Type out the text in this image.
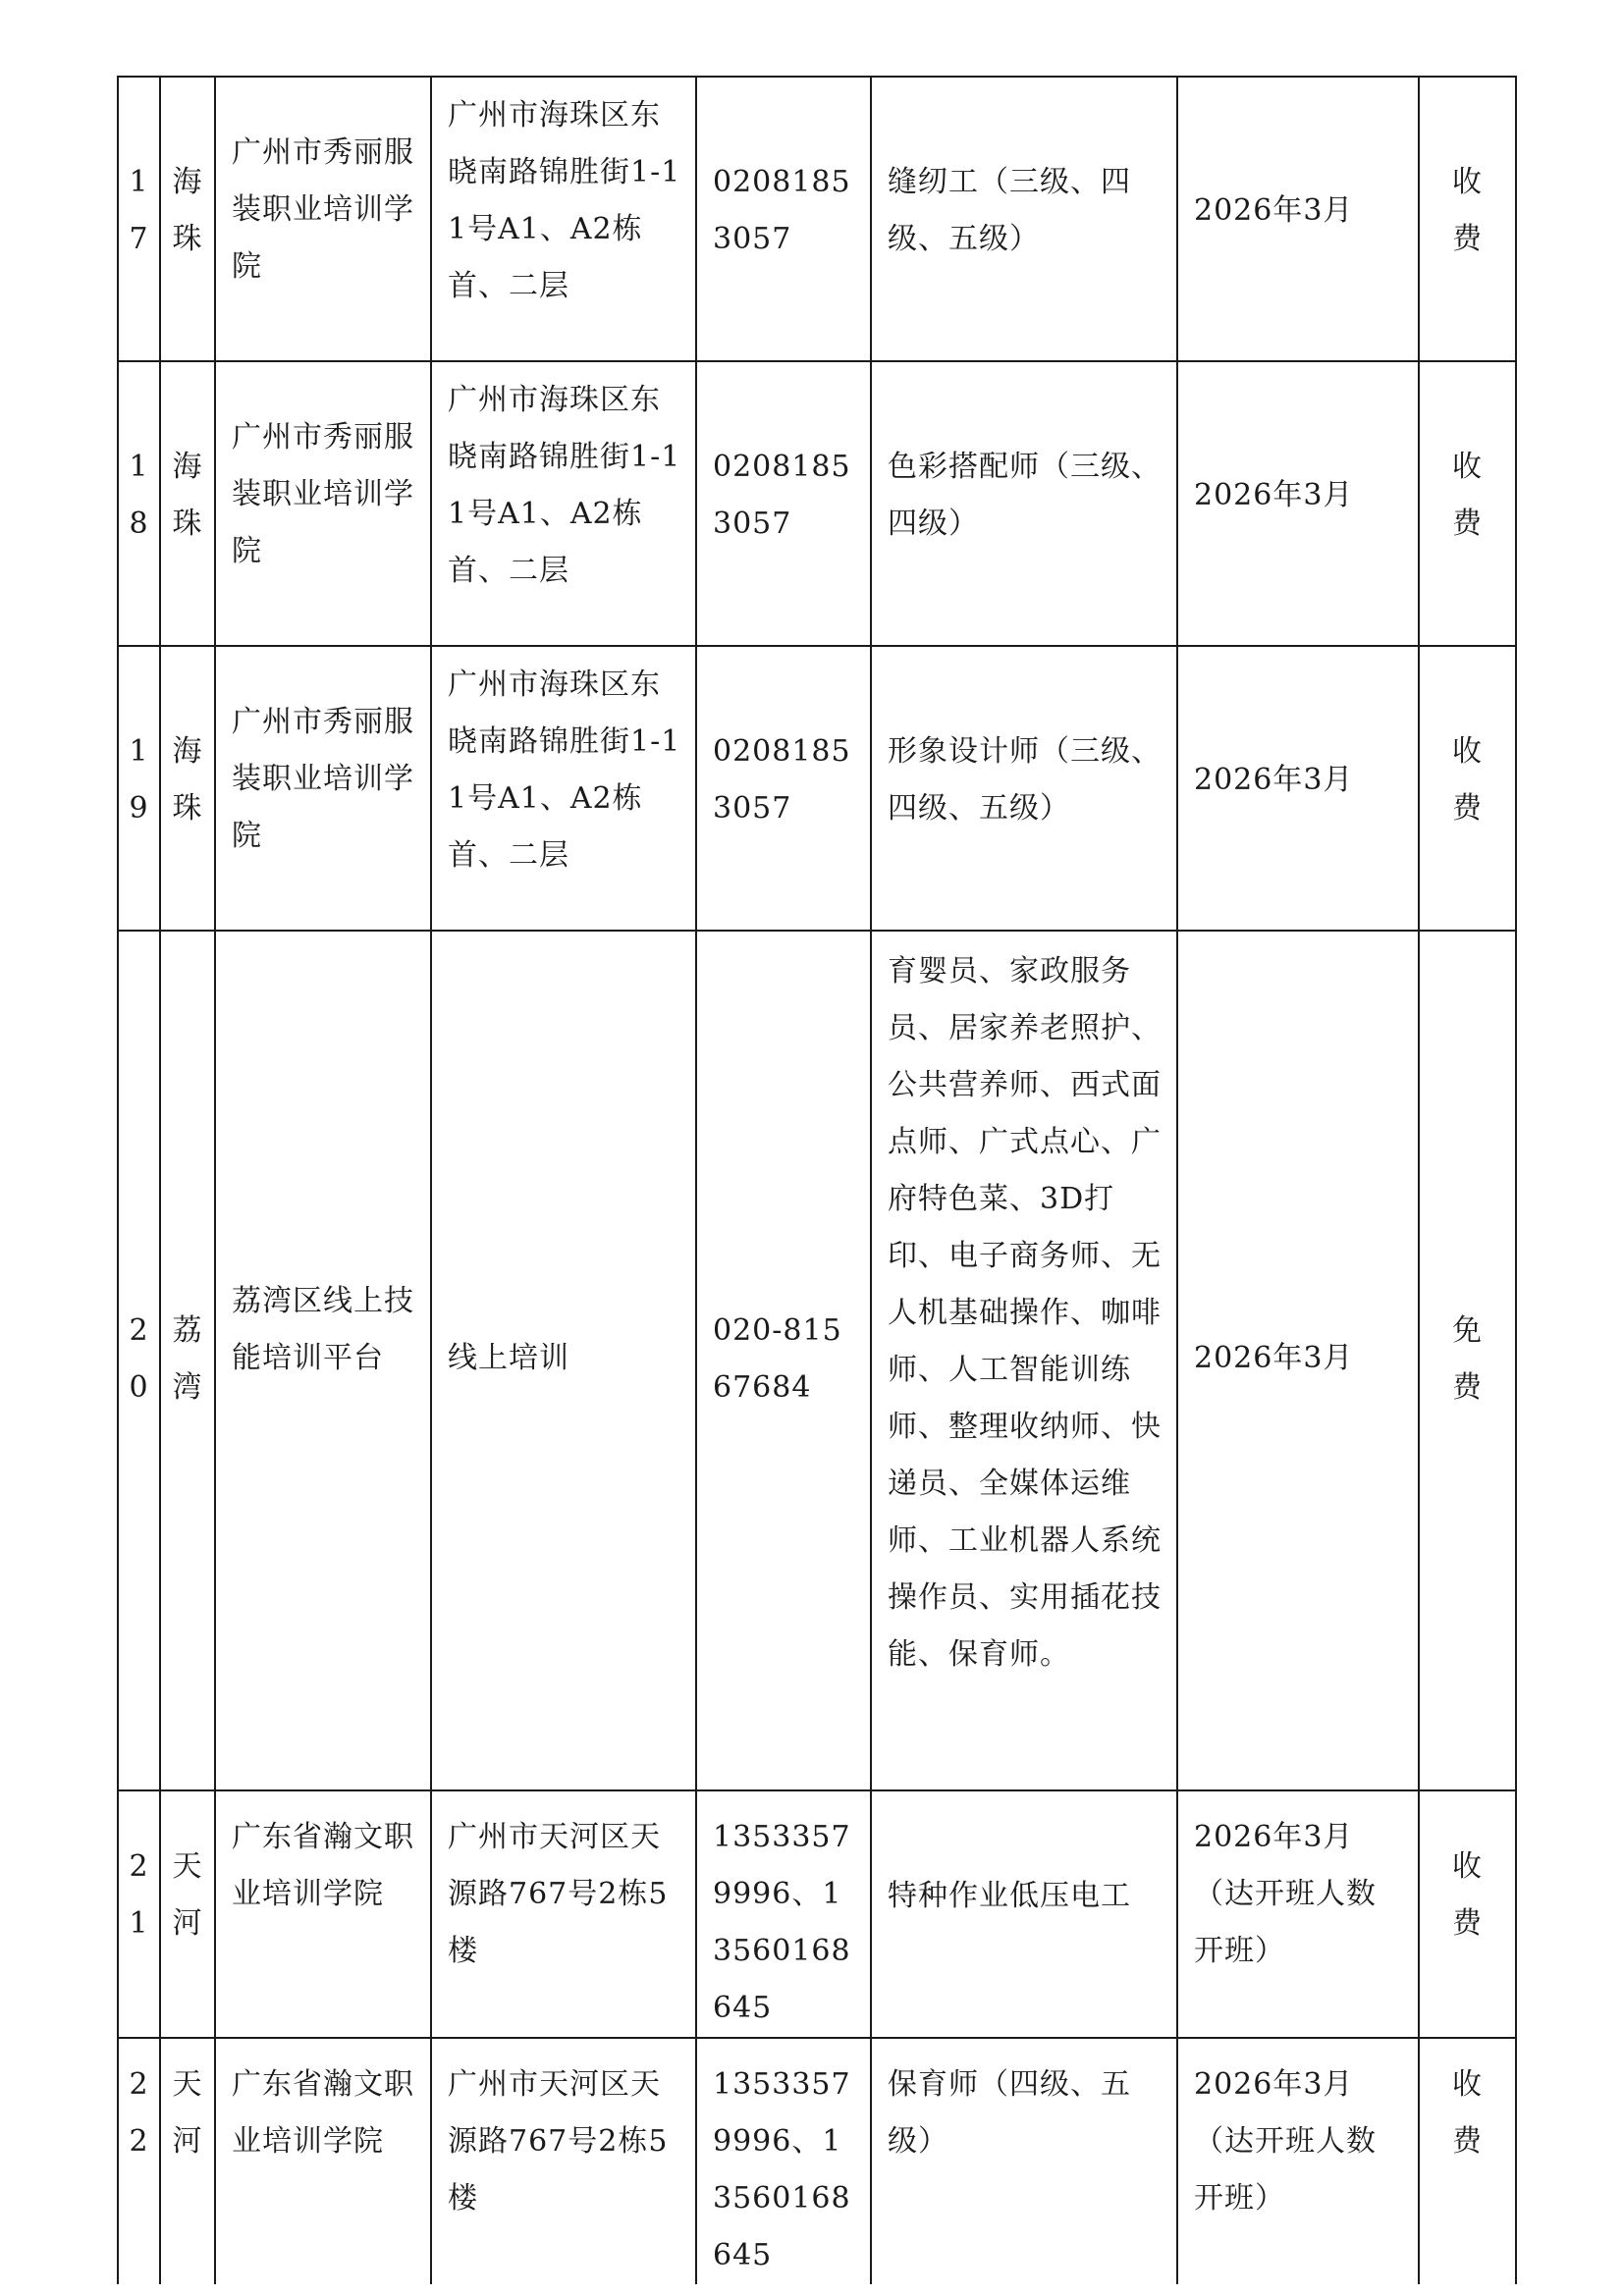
17	海珠	广州市秀丽服装职业培训学院	广州市海珠区东晓南路锦胜街1-11号A1、A2栋首、二层	02081853057	缝纫工（三级、四级、五级）	2026年3月	收费
18	海珠	广州市秀丽服装职业培训学院	广州市海珠区东晓南路锦胜街1-11号A1、A2栋首、二层	02081853057	色彩搭配师（三级、四级）	2026年3月	收费
19	海珠	广州市秀丽服装职业培训学院	广州市海珠区东晓南路锦胜街1-11号A1、A2栋首、二层	02081853057	形象设计师（三级、四级、五级）	2026年3月	收费
20	荔湾	荔湾区线上技能培训平台	线上培训	020-81567684	育婴员、家政服务员、居家养老照护、公共营养师、西式面点师、广式点心、广府特色菜、3D打印、电子商务师、无人机基础操作、咖啡师、人工智能训练师、整理收纳师、快递员、全媒体运维师、工业机器人系统操作员、实用插花技能、保育师。	2026年3月	免费
21	天河	广东省瀚文职业培训学院	广州市天河区天源路767号2栋5楼	13533579996、13560168645	特种作业低压电工	2026年3月（达开班人数开班）	收费
22	天河	广东省瀚文职业培训学院	广州市天河区天源路767号2栋5楼	13533579996、13560168645	保育师（四级、五级）	2026年3月（达开班人数开班）	收费
